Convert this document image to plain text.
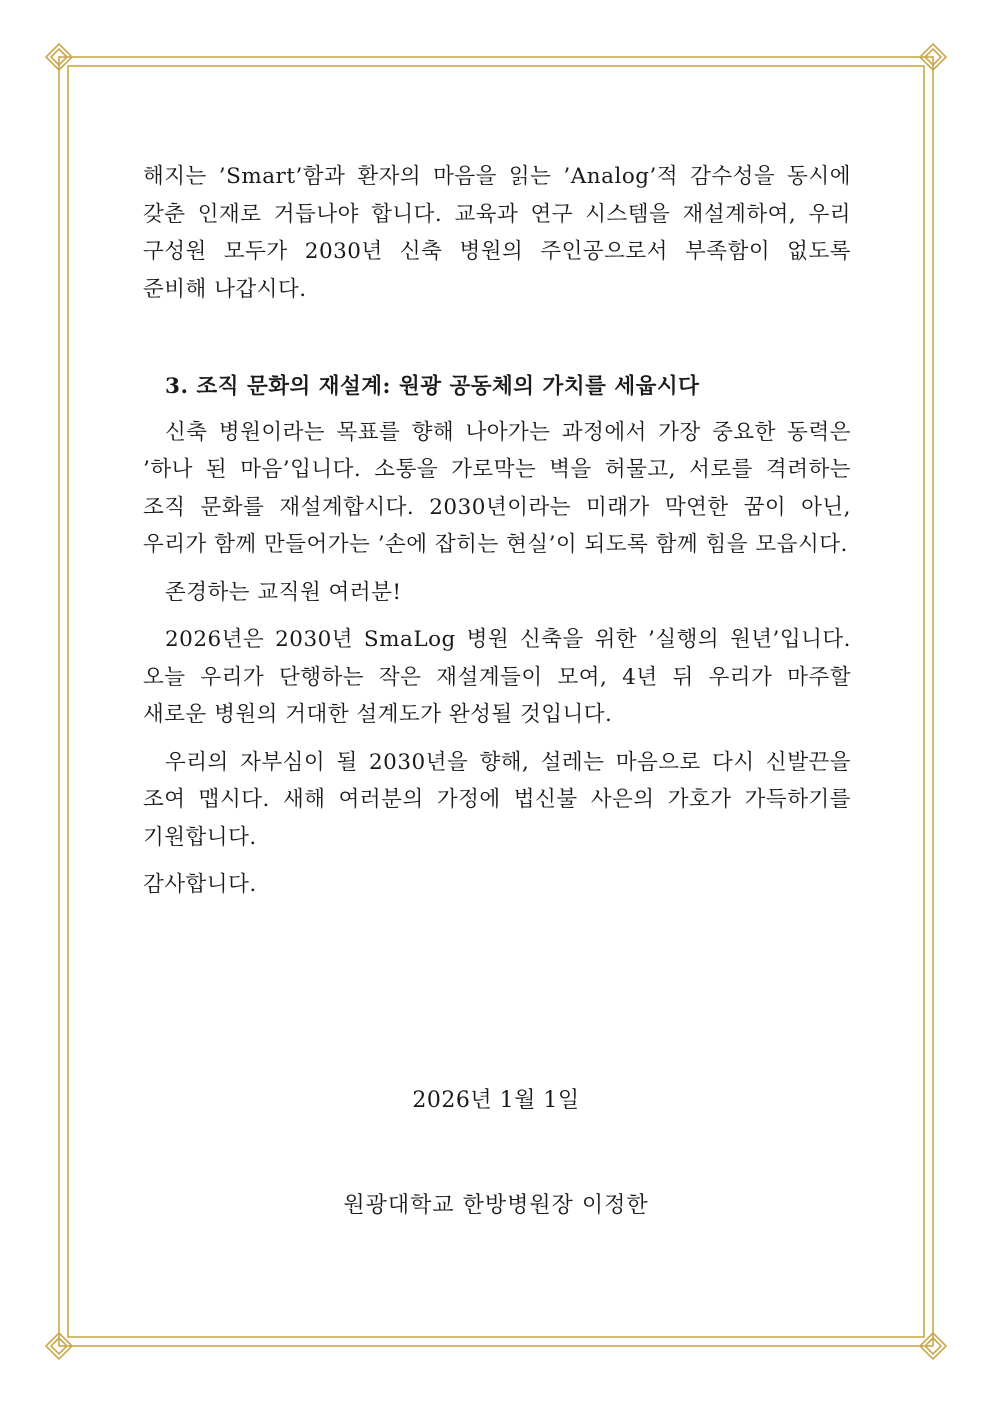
해지는 ’Smart’함과 환자의 마음을 읽는 ’Analog’적 감수성을 동시에 갖춘 인재로 거듭나야 합니다. 교육과 연구 시스템을 재설계하여, 우리 구성원 모두가 2030년 신축 병원의 주인공으로서 부족함이 없도록 준비해 나갑시다.

3. 조직 문화의 재설계: 원광 공동체의 가치를 세웁시다

신축 병원이라는 목표를 향해 나아가는 과정에서 가장 중요한 동력은 ’하나 된 마음’입니다. 소통을 가로막는 벽을 허물고, 서로를 격려하는 조직 문화를 재설계합시다. 2030년이라는 미래가 막연한 꿈이 아닌, 우리가 함께 만들어가는 ’손에 잡히는 현실’이 되도록 함께 힘을 모읍시다.

존경하는 교직원 여러분!

2026년은 2030년 SmaLog 병원 신축을 위한 ’실행의 원년’입니다. 오늘 우리가 단행하는 작은 재설계들이 모여, 4년 뒤 우리가 마주할 새로운 병원의 거대한 설계도가 완성될 것입니다.

우리의 자부심이 될 2030년을 향해, 설레는 마음으로 다시 신발끈을 조여 맵시다. 새해 여러분의 가정에 법신불 사은의 가호가 가득하기를 기원합니다.

감사합니다.

2026년 1월 1일
원광대학교 한방병원장 이정한
